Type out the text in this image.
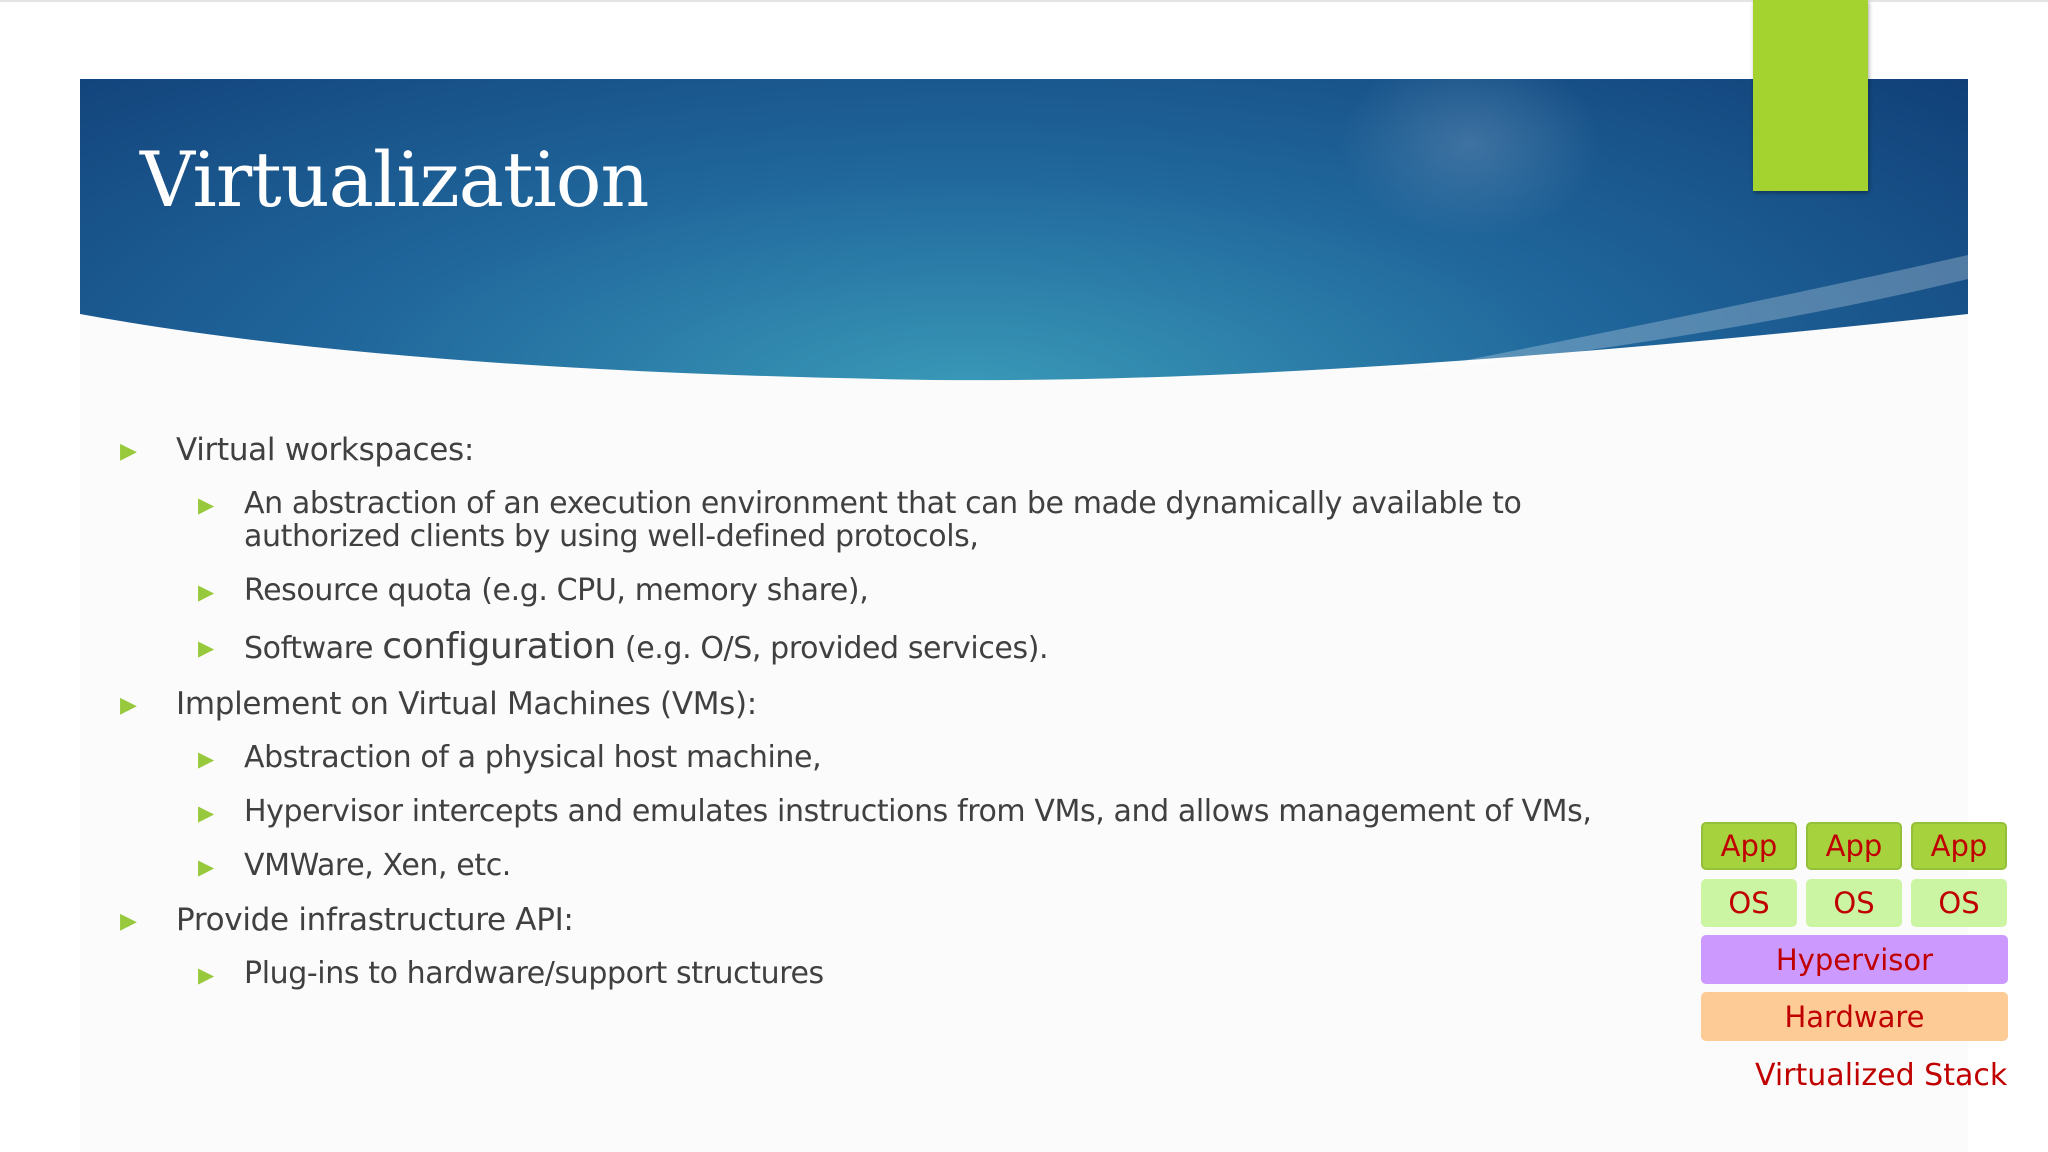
Virtualization
▶ Virtual workspaces:
▶ An abstraction of an execution environment that can be made dynamically available to
authorized clients by using well-defined protocols,
▶ Resource quota (e.g. CPU, memory share),
▶ Software configuration (e.g. O/S, provided services).
▶ Implement on Virtual Machines (VMs):
▶ Abstraction of a physical host machine,
▶ Hypervisor intercepts and emulates instructions from VMs, and allows management of VMs,
▶ VMWare, Xen, etc.
▶ Provide infrastructure API:
▶ Plug-ins to hardware/support structures
App	App	App
OS	OS	OS
Hypervisor
Hardware
Virtualized Stack
